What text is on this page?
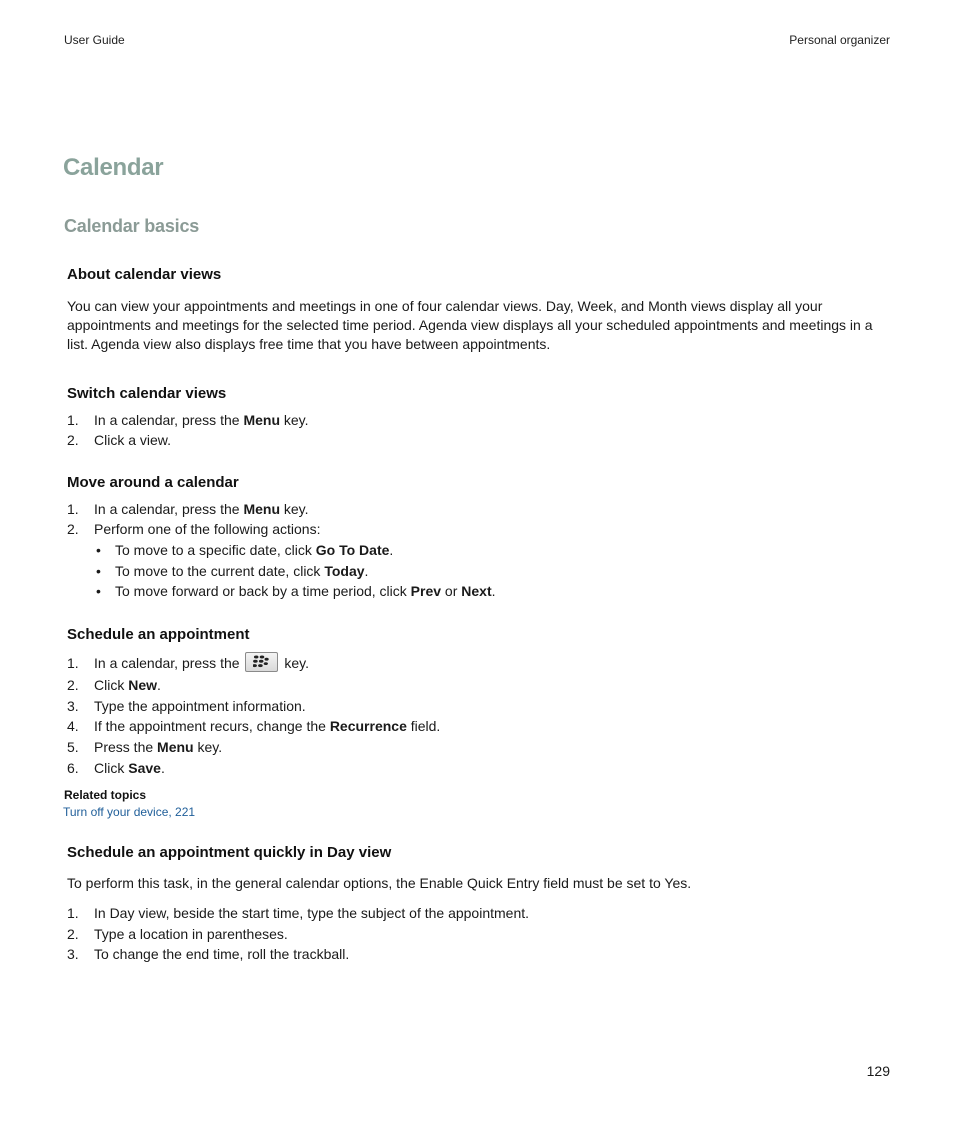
User Guide	Personal organizer
Calendar
Calendar basics
About calendar views
You can view your appointments and meetings in one of four calendar views. Day, Week, and Month views display all your appointments and meetings for the selected time period. Agenda view displays all your scheduled appointments and meetings in a list. Agenda view also displays free time that you have between appointments.
Switch calendar views
1. In a calendar, press the Menu key.
2. Click a view.
Move around a calendar
1. In a calendar, press the Menu key.
2. Perform one of the following actions:
• To move to a specific date, click Go To Date.
• To move to the current date, click Today.
• To move forward or back by a time period, click Prev or Next.
Schedule an appointment
1. In a calendar, press the	key.
2. Click New.
3. Type the appointment information.
4. If the appointment recurs, change the Recurrence field.
5. Press the Menu key.
6. Click Save.
Related topics
Turn off your device, 221
Schedule an appointment quickly in Day view
To perform this task, in the general calendar options, the Enable Quick Entry field must be set to Yes.
1. In Day view, beside the start time, type the subject of the appointment.
2. Type a location in parentheses.
3. To change the end time, roll the trackball.
129
